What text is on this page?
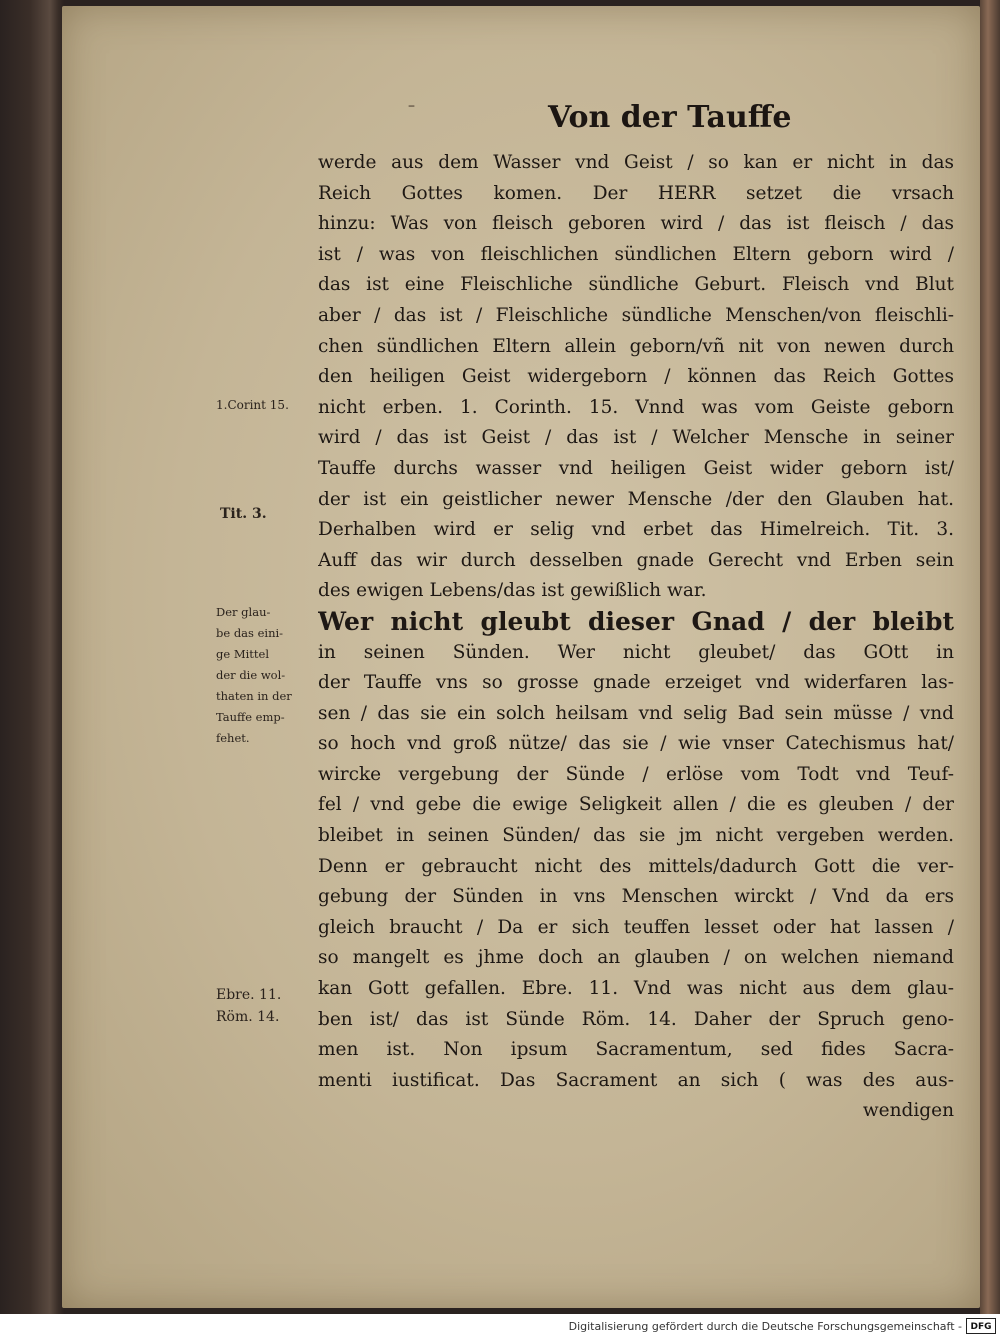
–	Von der Tauffe
werde aus dem Wasser vnd Geist / so kan er nicht in das
Reich Gottes komen. Der HERR setzet die vrsach
hinzu: Was von fleisch geboren wird / das ist fleisch / das
ist / was von fleischlichen sündlichen Eltern geborn wird /
das ist eine Fleischliche sündliche Geburt. Fleisch vnd Blut
aber / das ist / Fleischliche sündliche Menschen/von fleischli-
chen sündlichen Eltern allein geborn/vñ nit von newen durch
den heiligen Geist widergeborn / können das Reich Gottes
nicht erben. 1. Corinth. 15. Vnnd was vom Geiste geborn
wird / das ist Geist / das ist / Welcher Mensche in seiner
Tauffe durchs wasser vnd heiligen Geist wider geborn ist/
der ist ein geistlicher newer Mensche /der den Glauben hat.
Derhalben wird er selig vnd erbet das Himelreich. Tit. 3.
Auff das wir durch desselben gnade Gerecht vnd Erben sein
des ewigen Lebens/das ist gewißlich war.
Wer nicht gleubt dieser Gnad / der bleibt
in seinen Sünden. Wer nicht gleubet/ das GOtt in
der Tauffe vns so grosse gnade erzeiget vnd widerfaren las-
sen / das sie ein solch heilsam vnd selig Bad sein müsse / vnd
so hoch vnd groß nütze/ das sie / wie vnser Catechismus hat/
wircke vergebung der Sünde / erlöse vom Todt vnd Teuf-
fel / vnd gebe die ewige Seligkeit allen / die es gleuben / der
bleibet in seinen Sünden/ das sie jm nicht vergeben werden.
Denn er gebraucht nicht des mittels/dadurch Gott die ver-
gebung der Sünden in vns Menschen wirckt / Vnd da ers
gleich braucht / Da er sich teuffen lesset oder hat lassen /
so mangelt es jhme doch an glauben / on welchen niemand
kan Gott gefallen. Ebre. 11. Vnd was nicht aus dem glau-
ben ist/ das ist Sünde Röm. 14. Daher der Spruch geno-
men ist. Non ipsum Sacramentum, sed fides Sacra-
menti iustificat. Das Sacrament an sich ( was des aus-
wendigen
1.Corint 15.
Tit. 3.
Der glau-
be das eini-
ge Mittel
der die wol-
thaten in der
Tauffe emp-
fehet.
Ebre. 11.
Röm. 14.
Digitalisierung gefördert durch die Deutsche Forschungsgemeinschaft - DFG
